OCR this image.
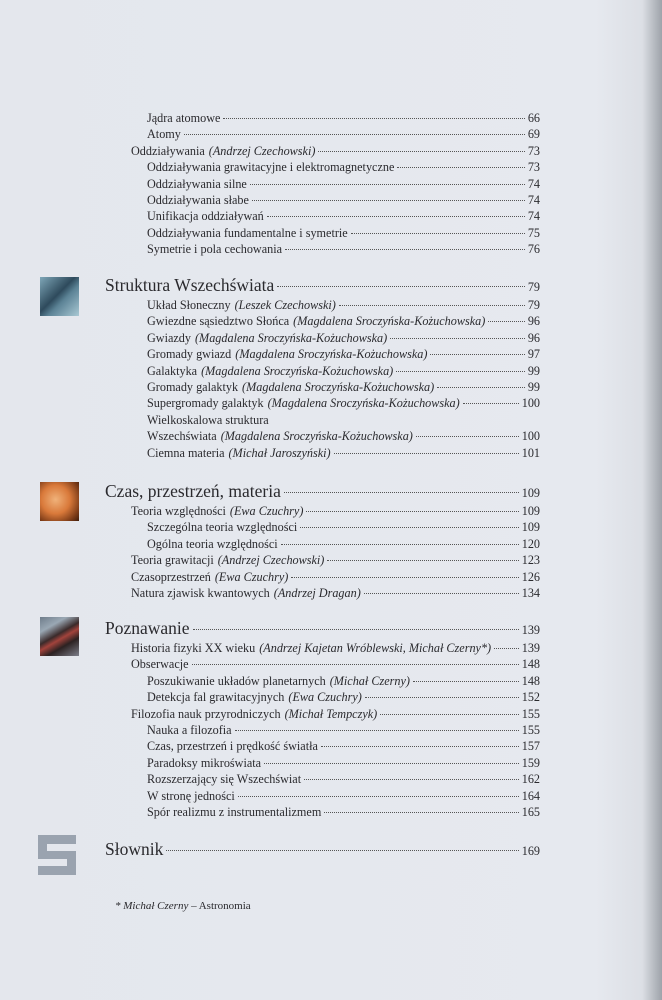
Jądra atomowe	66
Atomy	69
Oddziaływania (Andrzej Czechowski)	73
Oddziaływania grawitacyjne i elektromagnetyczne	73
Oddziaływania silne	74
Oddziaływania słabe	74
Unifikacja oddziaływań	74
Oddziaływania fundamentalne i symetrie	75
Symetrie i pola cechowania	76
Struktura Wszechświata	79
Układ Słoneczny (Leszek Czechowski)	79
Gwiezdne sąsiedztwo Słońca (Magdalena Sroczyńska-Kożuchowska)	96
Gwiazdy (Magdalena Sroczyńska-Kożuchowska)	96
Gromady gwiazd (Magdalena Sroczyńska-Kożuchowska)	97
Galaktyka (Magdalena Sroczyńska-Kożuchowska)	99
Gromady galaktyk (Magdalena Sroczyńska-Kożuchowska)	99
Supergromady galaktyk (Magdalena Sroczyńska-Kożuchowska)	100
Wielkoskalowa struktura
Wszechświata (Magdalena Sroczyńska-Kożuchowska)	100
Ciemna materia (Michał Jaroszyński)	101
Czas, przestrzeń, materia	109
Teoria względności (Ewa Czuchry)	109
Szczególna teoria względności	109
Ogólna teoria względności	120
Teoria grawitacji (Andrzej Czechowski)	123
Czasoprzestrzeń (Ewa Czuchry)	126
Natura zjawisk kwantowych (Andrzej Dragan)	134
Poznawanie	139
Historia fizyki XX wieku (Andrzej Kajetan Wróblewski, Michał Czerny*)	139
Obserwacje	148
Poszukiwanie układów planetarnych (Michał Czerny)	148
Detekcja fal grawitacyjnych (Ewa Czuchry)	152
Filozofia nauk przyrodniczych (Michał Tempczyk)	155
Nauka a filozofia	155
Czas, przestrzeń i prędkość światła	157
Paradoksy mikroświata	159
Rozszerzający się Wszechświat	162
W stronę jedności	164
Spór realizmu z instrumentalizmem	165
Słownik	169
* Michał Czerny – Astronomia
